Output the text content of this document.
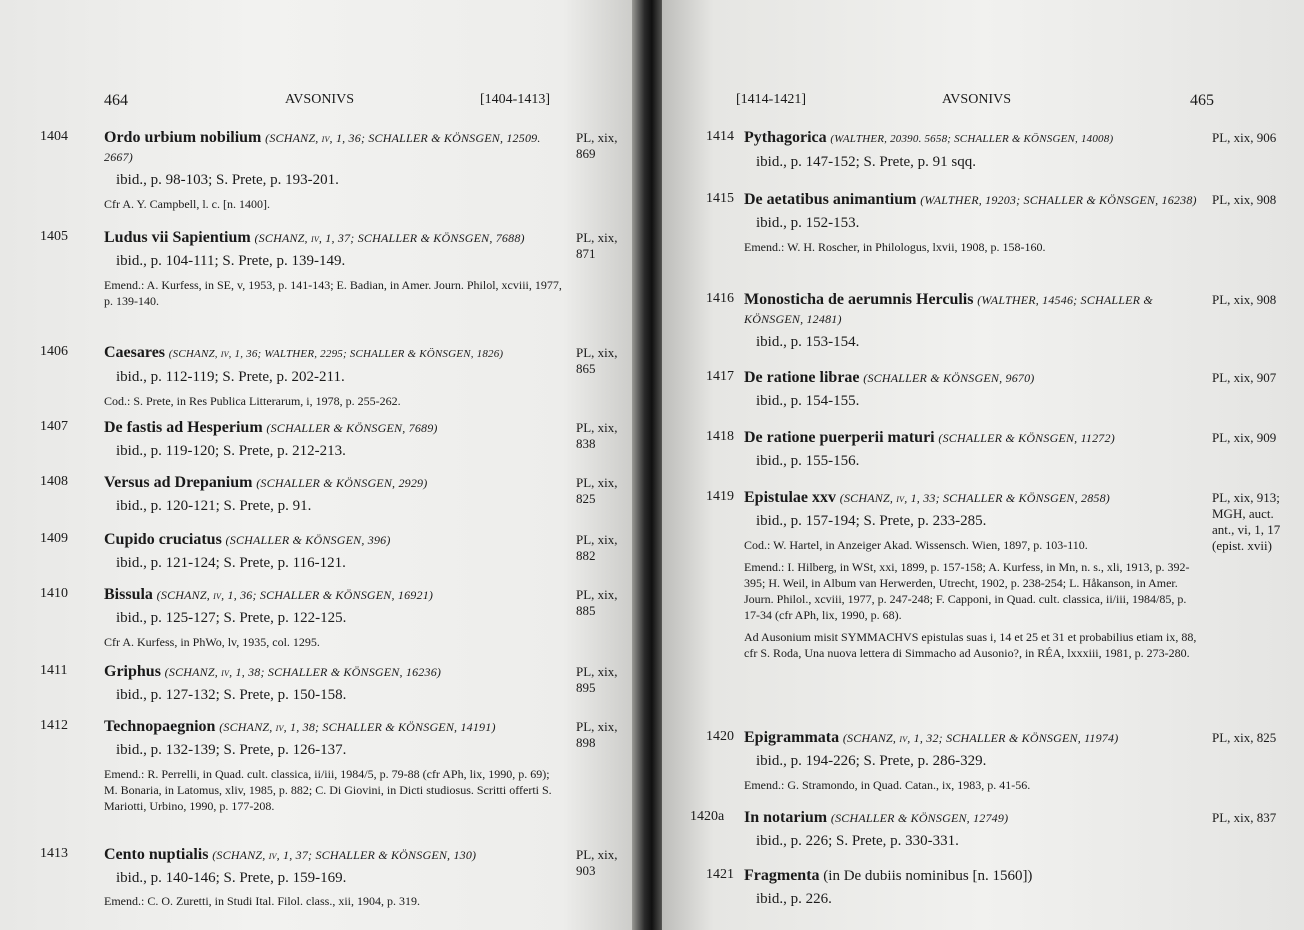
464	AVSONIVS	[1404-1413]
1404 Ordo urbium nobilium (SCHANZ, iv, 1, 36; SCHALLER & KÖNSGEN, 12509. 2667)
ibid., p. 98-103; S. Prete, p. 193-201.
Cfr A. Y. Campbell, l. c. [n. 1400].
PL, xix, 869
1405 Ludus vii Sapientium (SCHANZ, iv, 1, 37; SCHALLER & KÖNSGEN, 7688)
ibid., p. 104-111; S. Prete, p. 139-149.
Emend.: A. Kurfess, in SE, v, 1953, p. 141-143; E. Badian, in Amer. Journ. Philol, xcviii, 1977, p. 139-140.
PL, xix, 871
1406 Caesares (SCHANZ, iv, 1, 36; WALTHER, 2295; SCHALLER & KÖNSGEN, 1826)
ibid., p. 112-119; S. Prete, p. 202-211.
Cod.: S. Prete, in Res Publica Litterarum, i, 1978, p. 255-262.
PL, xix, 865
1407 De fastis ad Hesperium (SCHALLER & KÖNSGEN, 7689)
ibid., p. 119-120; S. Prete, p. 212-213.
PL, xix, 838
1408 Versus ad Drepanium (SCHALLER & KÖNSGEN, 2929)
ibid., p. 120-121; S. Prete, p. 91.
PL, xix, 825
1409 Cupido cruciatus (SCHALLER & KÖNSGEN, 396)
ibid., p. 121-124; S. Prete, p. 116-121.
PL, xix, 882
1410 Bissula (SCHANZ, iv, 1, 36; SCHALLER & KÖNSGEN, 16921)
ibid., p. 125-127; S. Prete, p. 122-125.
Cfr A. Kurfess, in PhWo, lv, 1935, col. 1295.
PL, xix, 885
1411 Griphus (SCHANZ, iv, 1, 38; SCHALLER & KÖNSGEN, 16236)
ibid., p. 127-132; S. Prete, p. 150-158.
PL, xix, 895
1412 Technopaegnion (SCHANZ, iv, 1, 38; SCHALLER & KÖNSGEN, 14191)
ibid., p. 132-139; S. Prete, p. 126-137.
Emend.: R. Perrelli, in Quad. cult. classica, ii/iii, 1984/5, p. 79-88 (cfr APh, lix, 1990, p. 69); M. Bonaria, in Latomus, xliv, 1985, p. 882; C. Di Giovini, in Dicti studiosus. Scritti offerti S. Mariotti, Urbino, 1990, p. 177-208.
PL, xix, 898
1413 Cento nuptialis (SCHANZ, iv, 1, 37; SCHALLER & KÖNSGEN, 130)
ibid., p. 140-146; S. Prete, p. 159-169.
Emend.: C. O. Zuretti, in Studi Ital. Filol. class., xii, 1904, p. 319.
PL, xix, 903
[1414-1421]	AVSONIVS	465
1414 Pythagorica (WALTHER, 20390. 5658; SCHALLER & KÖNSGEN, 14008)
ibid., p. 147-152; S. Prete, p. 91 sqq.
PL, xix, 906
1415 De aetatibus animantium (WALTHER, 19203; SCHALLER & KÖNSGEN, 16238)
ibid., p. 152-153.
Emend.: W. H. Roscher, in Philologus, lxvii, 1908, p. 158-160.
PL, xix, 908
1416 Monosticha de aerumnis Herculis (WALTHER, 14546; SCHALLER & KÖNSGEN, 12481)
ibid., p. 153-154.
PL, xix, 908
1417 De ratione librae (SCHALLER & KÖNSGEN, 9670)
ibid., p. 154-155.
PL, xix, 907
1418 De ratione puerperii maturi (SCHALLER & KÖNSGEN, 11272)
ibid., p. 155-156.
PL, xix, 909
1419 Epistulae xxv (SCHANZ, iv, 1, 33; SCHALLER & KÖNSGEN, 2858)
ibid., p. 157-194; S. Prete, p. 233-285.
Cod.: W. Hartel, in Anzeiger Akad. Wissensch. Wien, 1897, p. 103-110.
Emend.: I. Hilberg, in WSt, xxi, 1899, p. 157-158; A. Kurfess, in Mn, n. s., xli, 1913, p. 392-395; H. Weil, in Album van Herwerden, Utrecht, 1902, p. 238-254; L. Håkanson, in Amer. Journ. Philol., xcviii, 1977, p. 247-248; F. Capponi, in Quad. cult. classica, ii/iii, 1984/85, p. 17-34 (cfr APh, lix, 1990, p. 68).
Ad Ausonium misit SYMMACHVS epistulas suas i, 14 et 25 et 31 et probabilius etiam ix, 88, cfr S. Roda, Una nuova lettera di Simmacho ad Ausonio?, in RÉA, lxxxiii, 1981, p. 273-280.
PL, xix, 913; MGH, auct. ant., vi, 1, 17 (epist. xvii)
1420 Epigrammata (SCHANZ, iv, 1, 32; SCHALLER & KÖNSGEN, 11974)
ibid., p. 194-226; S. Prete, p. 286-329.
Emend.: G. Stramondo, in Quad. Catan., ix, 1983, p. 41-56.
PL, xix, 825
1420a In notarium (SCHALLER & KÖNSGEN, 12749)
ibid., p. 226; S. Prete, p. 330-331.
PL, xix, 837
1421 Fragmenta (in De dubiis nominibus [n. 1560])
ibid., p. 226.
